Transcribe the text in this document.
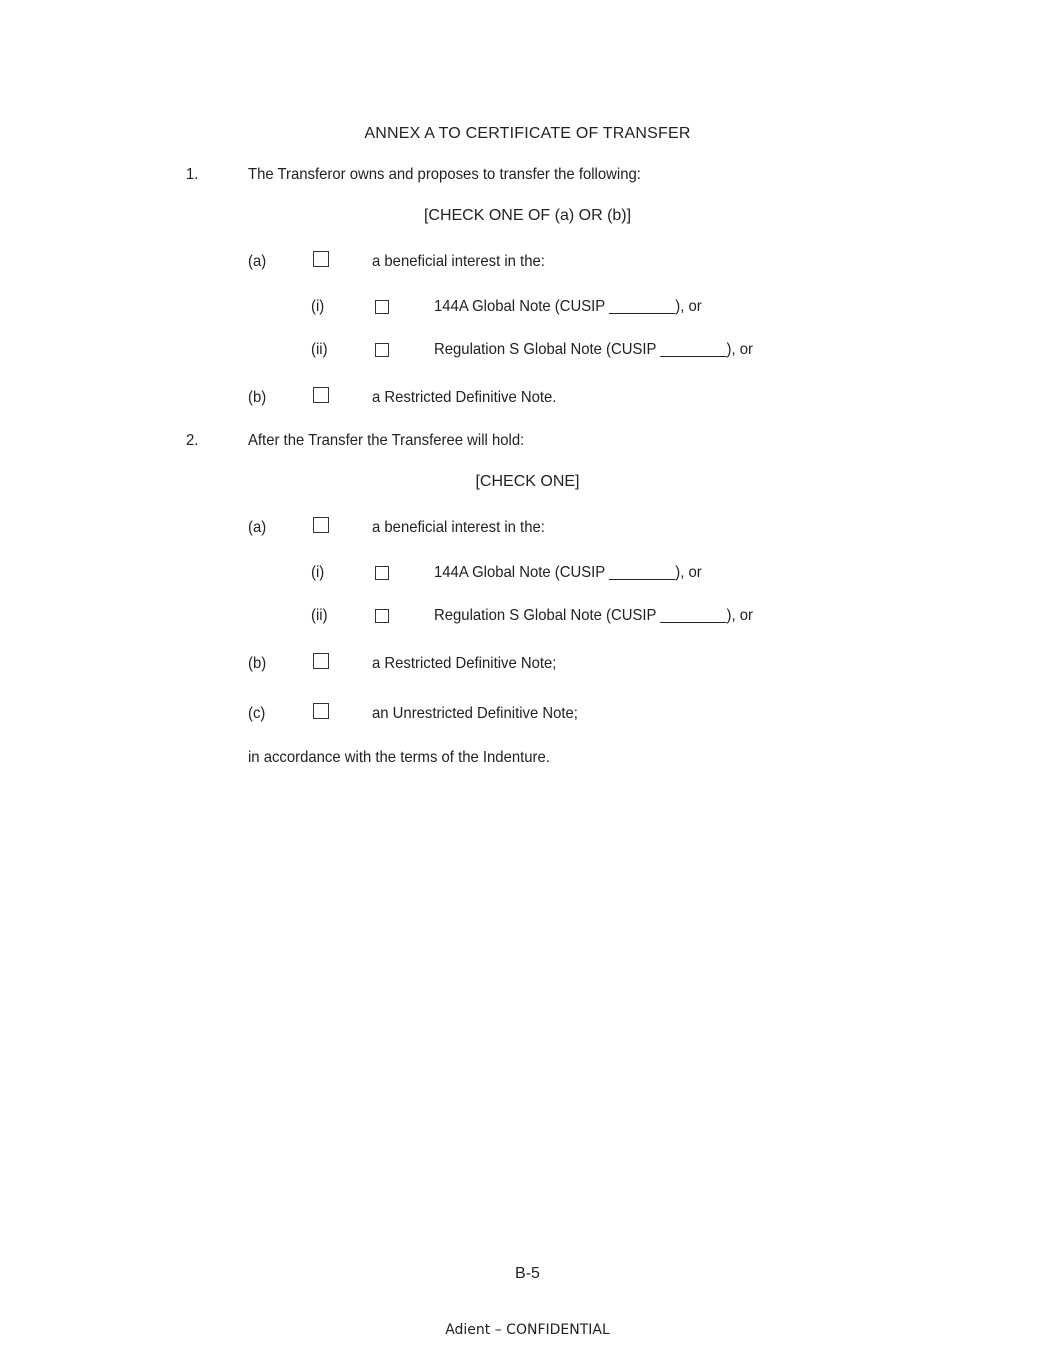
ANNEX A TO CERTIFICATE OF TRANSFER
1.	The Transferor owns and proposes to transfer the following:
[CHECK ONE OF (a) OR (b)]
(a)	a beneficial interest in the:
(i)	144A Global Note (CUSIP ________), or
(ii)	Regulation S Global Note (CUSIP ________), or
(b)	a Restricted Definitive Note.
2.	After the Transfer the Transferee will hold:
[CHECK ONE]
(a)	a beneficial interest in the:
(i)	144A Global Note (CUSIP ________), or
(ii)	Regulation S Global Note (CUSIP ________), or
(b)	a Restricted Definitive Note;
(c)	an Unrestricted Definitive Note;
in accordance with the terms of the Indenture.
B-5
Adient – CONFIDENTIAL
